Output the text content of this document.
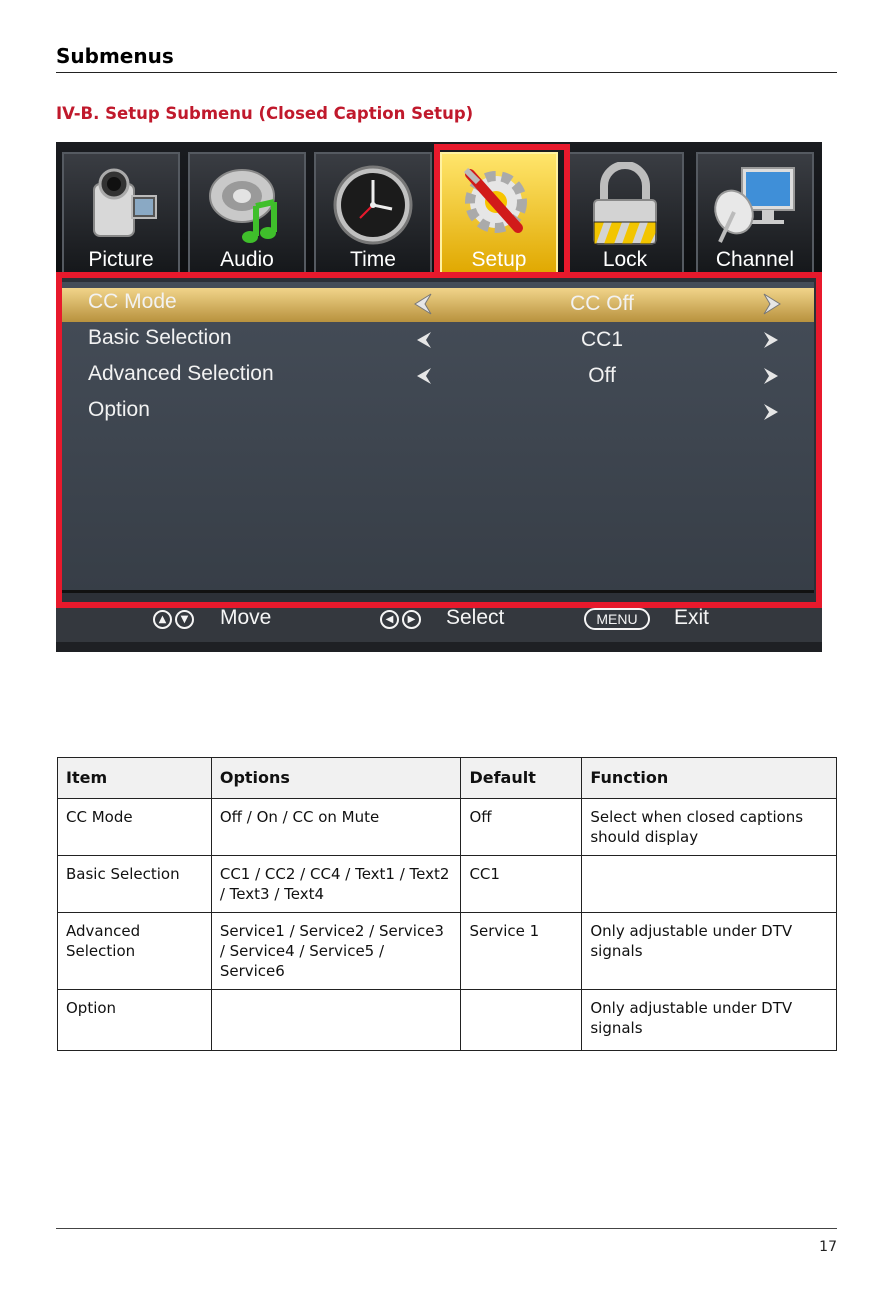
Submenus
IV-B. Setup Submenu (Closed Caption Setup)
Picture	Audio	Time	Setup	Lock	Channel
CC Mode	CC Off
Basic Selection	CC1
Advanced Selection	Off
Option
▲	▼ Move	◀	▶ Select	MENU	Exit
Item	Options	Default	Function
CC Mode	Off / On / CC on Mute	Off	Select when closed captions should display
Basic Selection	CC1 / CC2 / CC4 / Text1 / Text2 / Text3 / Text4	CC1	
Advanced Selection	Service1 / Service2 / Service3 / Service4 / Service5 / Service6	Service 1	Only adjustable under DTV signals
Option			Only adjustable under DTV signals
17
